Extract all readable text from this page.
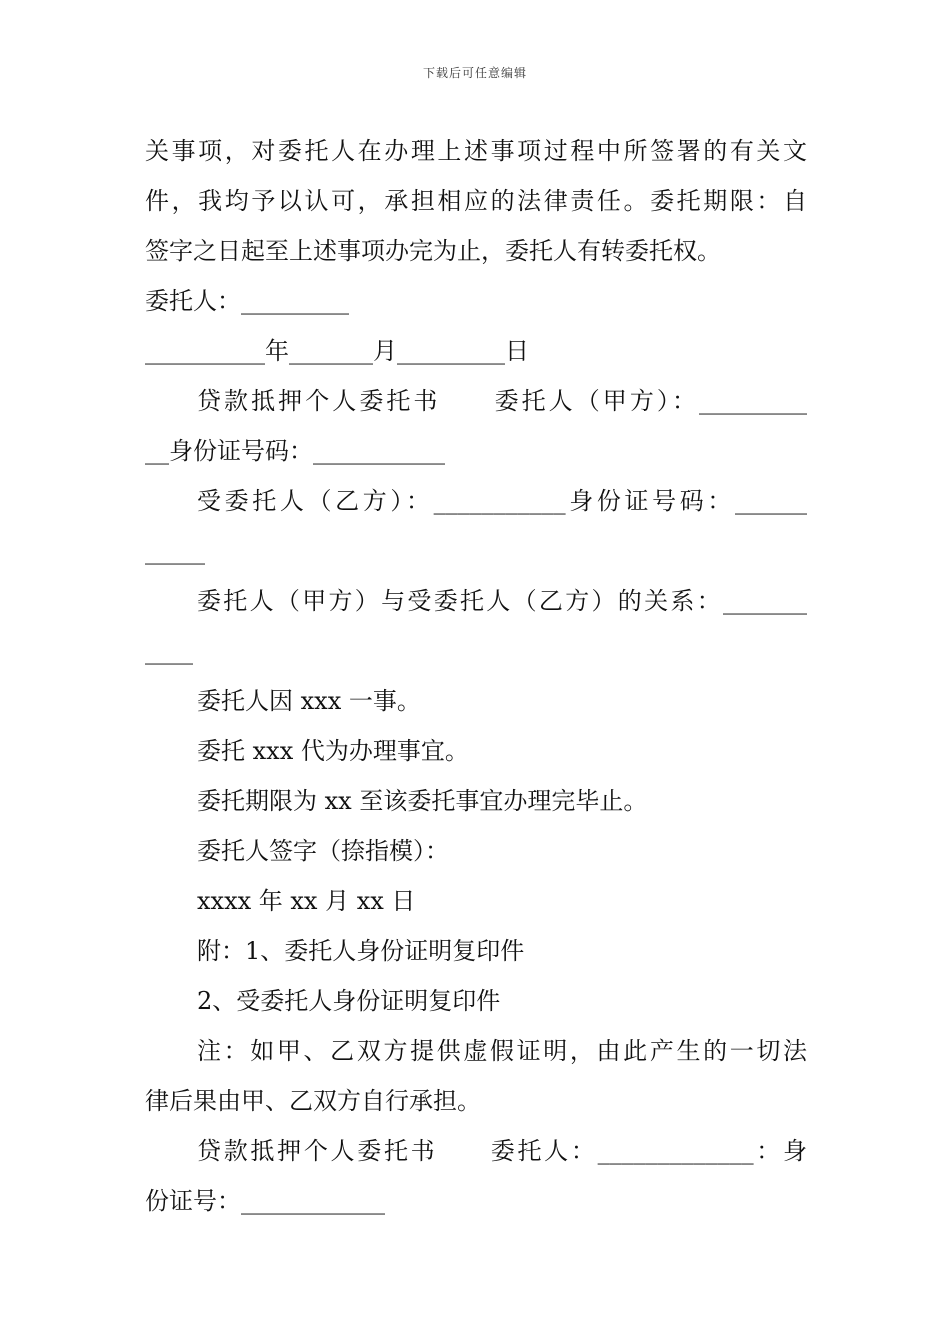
下载后可任意编辑
关事项，对委托人在办理上述事项过程中所签署的有关文
件，我均予以认可，承担相应的法律责任。委托期限：自
签字之日起至上述事项办完为止，委托人有转委托权。
委托人：_________
__________年_______月_________日
贷款抵押个人委托书　　委托人（甲方）：_________
__身份证号码：___________
受委托人（乙方）：___________身份证号码：______
_____
委托人（甲方）与受委托人（乙方）的关系：_______
____
委托人因 xxx 一事。
委托 xxx 代为办理事宜。
委托期限为 xx 至该委托事宜办理完毕止。
委托人签字（捺指模）：
xxxx 年 xx 月 xx 日
附：1、委托人身份证明复印件
2、受委托人身份证明复印件
注：如甲、乙双方提供虚假证明，由此产生的一切法
律后果由甲、乙双方自行承担。
贷款抵押个人委托书　　委托人：_____________：身
份证号：____________
